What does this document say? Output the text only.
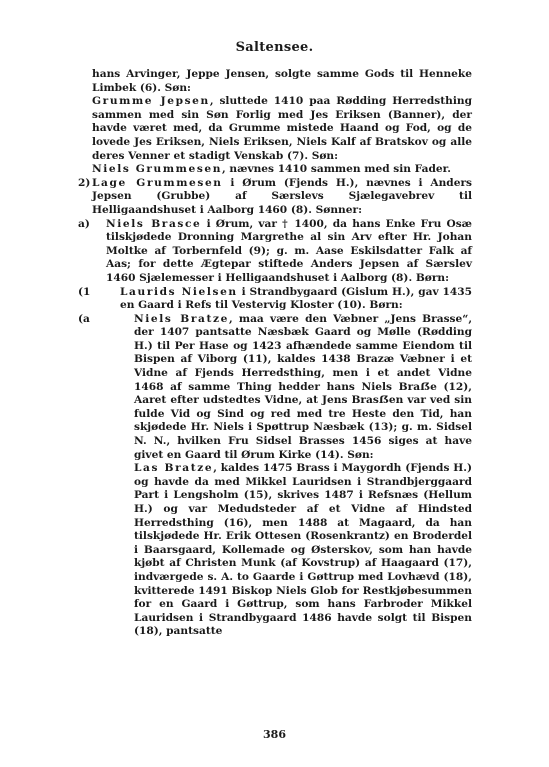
Saltensee.
hans Arvinger, Jeppe Jensen, solgte samme Gods til Henneke Limbek (6). Søn:
Grumme Jepsen, sluttede 1410 paa Rødding Herredsthing sammen med sin Søn Forlig med Jes Eriksen (Banner), der havde været med, da Grumme mistede Haand og Fod, og de lovede Jes Eriksen, Niels Eriksen, Niels Kalf af Bratskov og alle deres Venner et stadigt Venskab (7). Søn:
Niels Grummesen, nævnes 1410 sammen med sin Fader.
2) Lage Grummesen i Ørum (Fjends H.), nævnes i Anders Jepsen (Grubbe) af Særslevs Sjælegavebrev til Helligaandshuset i Aalborg 1460 (8). Sønner:
a) Niels Brasce i Ørum, var † 1400, da hans Enke Fru Osæ tilskjødede Dronning Margrethe al sin Arv efter Hr. Johan Moltke af Torbernfeld (9); g. m. Aase Eskilsdatter Falk af Aas; for dette Ægtepar stiftede Anders Jepsen af Særslev 1460 Sjælemesser i Helligaandshuset i Aalborg (8). Børn:
(1	Laurids Nielsen i Strandbygaard (Gislum H.), gav 1435 en Gaard i Refs til Vestervig Kloster (10). Børn:
(a	Niels Bratze, maa være den Væbner „Jens Brasse“, der 1407 pantsatte Næsbæk Gaard og Mølle (Rødding H.) til Per Hase og 1423 afhændede samme Eiendom til Bispen af Viborg (11), kaldes 1438 Brazæ Væbner i et Vidne af Fjends Herredsthing, men i et andet Vidne 1468 af samme Thing hedder hans Niels Braẞe (12), Aaret efter udstedtes Vidne, at Jens Brasẞen var ved sin fulde Vid og Sind og red med tre Heste den Tid, han skjødede Hr. Niels i Spøttrup Næsbæk (13); g. m. Sidsel N. N., hvilken Fru Sidsel Brasses 1456 siges at have givet en Gaard til Ørum Kirke (14). Søn:
Las Bratze, kaldes 1475 Brass i Maygordh (Fjends H.) og havde da med Mikkel Lauridsen i Strandbjerggaard Part i Lengsholm (15), skrives 1487 i Refsnæs (Hellum H.) og var Medudsteder af et Vidne af Hindsted Herredsthing (16), men 1488 at Magaard, da han tilskjødede Hr. Erik Ottesen (Rosenkrantz) en Broderdel i Baarsgaard, Kollemade og Østerskov, som han havde kjøbt af Christen Munk (af Kovstrup) af Haagaard (17), indværgede s. A. to Gaarde i Gøttrup med Lovhævd (18), kvitterede 1491 Biskop Niels Glob for Restkjøbesummen for en Gaard i Gøttrup, som hans Farbroder Mikkel Lauridsen i Strandbygaard 1486 havde solgt til Bispen (18), pantsatte
386
